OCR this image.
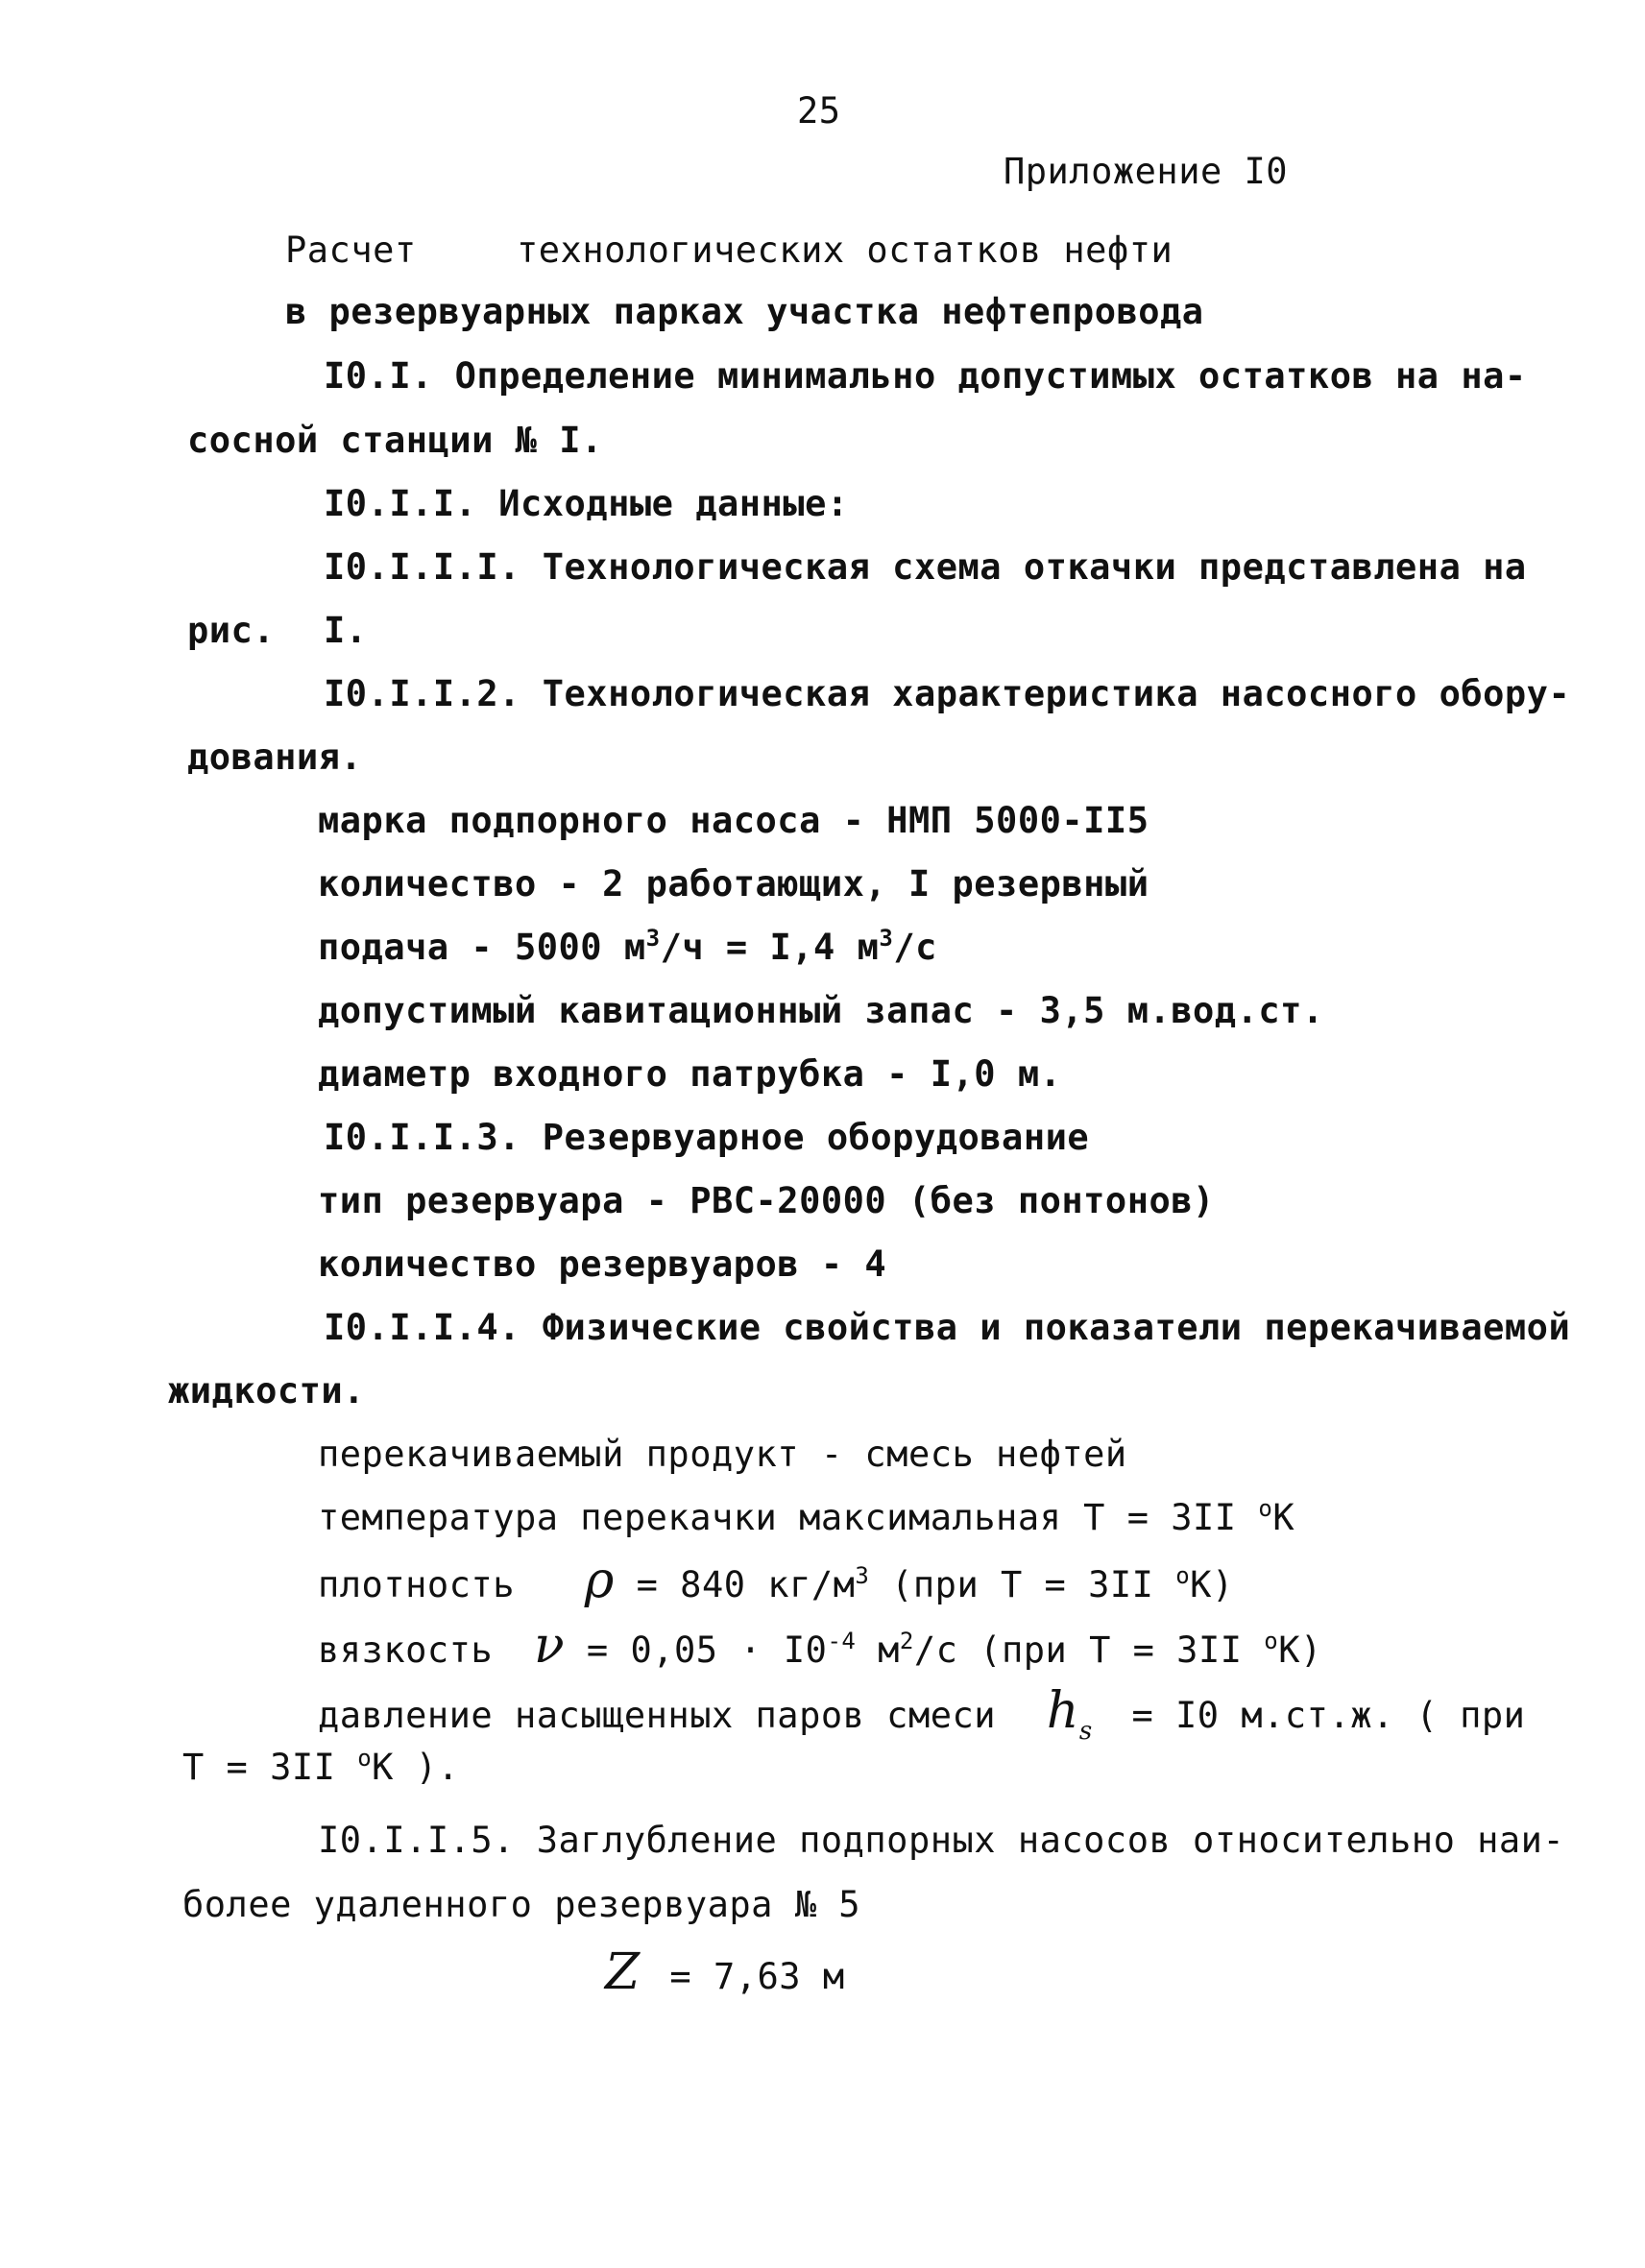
25
Приложение I0
Расчет	технологических остатков нефти
в резервуарных парках участка нефтепровода
I0.I. Определение минимально допустимых остатков на на-
сосной станции № I.
I0.I.I. Исходные данные:
I0.I.I.I. Технологическая схема откачки представлена на
рис. I.
I0.I.I.2. Технологическая характеристика насосного обору-
дования.
марка подпорного насоса - НМП 5000-II5
количество - 2 работающих, I резервный
подача - 5000 $м^3/ч = I,4$ $м^3/с$
допустимый кавитационный запас - 3,5 м.вод.ст.
диаметр входного патрубка - I,0 м.
I0.I.I.3. Резервуарное оборудование
тип резервуара - РВС-20000 (без понтонов)
количество резервуаров - 4
I0.I.I.4. Физические свойства и показатели перекачиваемой
жидкости.
перекачиваемый продукт - смесь нефтей
температура перекачки максимальная Т = 3II $^о$К
плотность ρ = 840 $кг/м^3$ (при Т = 3II $^о$К)
вязкость $\nu = 0,05 \cdot I0^{-4}$ $м^2/с$ (при Т = 3II $^о$К)
давление насыщенных паров смеси $h_s = I0$ м.ст.ж. ( при
Т = 3II $^о$К ).
I0.I.I.5. Заглубление подпорных насосов относительно наи-
более удаленного резервуара № 5
Z = 7,63 м
